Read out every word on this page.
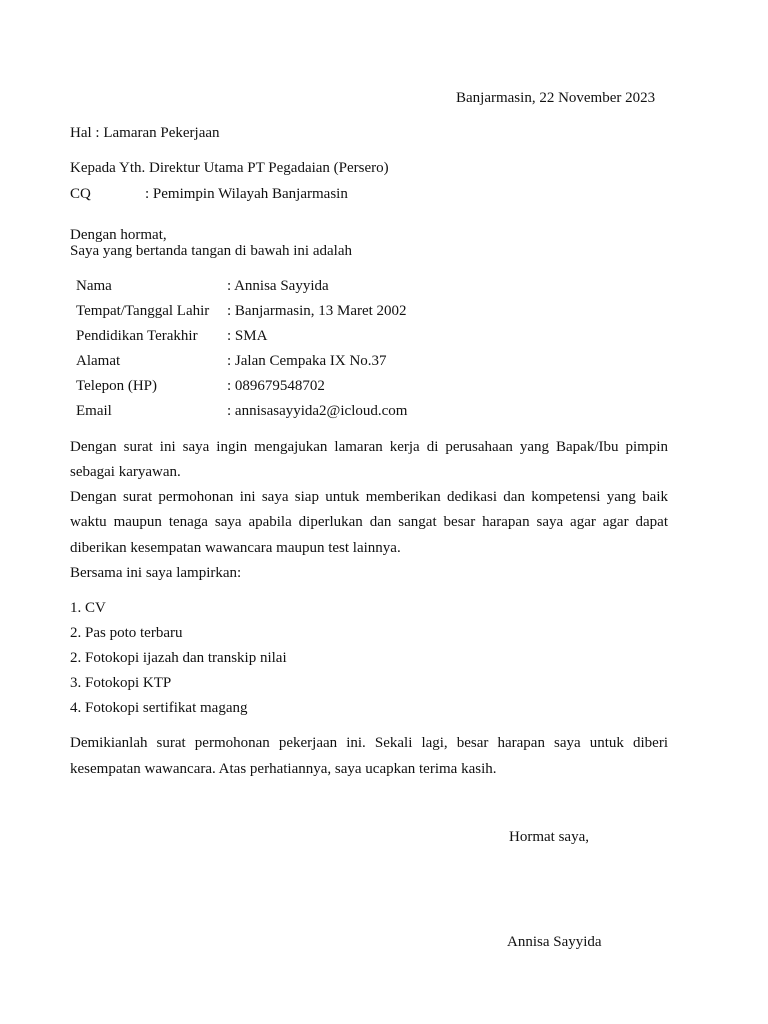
Banjarmasin, 22 November 2023
Hal : Lamaran Pekerjaan
Kepada Yth. Direktur Utama PT Pegadaian (Persero)
CQ	: Pemimpin Wilayah Banjarmasin
Dengan hormat,
Saya yang bertanda tangan di bawah ini adalah
Nama	: Annisa Sayyida
Tempat/Tanggal Lahir : Banjarmasin, 13 Maret 2002
Pendidikan Terakhir : SMA
Alamat	: Jalan Cempaka IX No.37
Telepon (HP)	: 089679548702
Email	: annisasayyida2@icloud.com
Dengan surat ini saya ingin mengajukan lamaran kerja di perusahaan yang Bapak/Ibu pimpin
sebagai karyawan.
Dengan surat permohonan ini saya siap untuk memberikan dedikasi dan kompetensi yang baik
waktu maupun tenaga saya apabila diperlukan dan sangat besar harapan saya agar agar dapat
diberikan kesempatan wawancara maupun test lainnya.
Bersama ini saya lampirkan:
1. CV
2. Pas poto terbaru
2. Fotokopi ijazah dan transkip nilai
3. Fotokopi KTP
4. Fotokopi sertifikat magang
Demikianlah surat permohonan pekerjaan ini. Sekali lagi, besar harapan saya untuk diberi
kesempatan wawancara. Atas perhatiannya, saya ucapkan terima kasih.
Hormat saya,
Annisa Sayyida
